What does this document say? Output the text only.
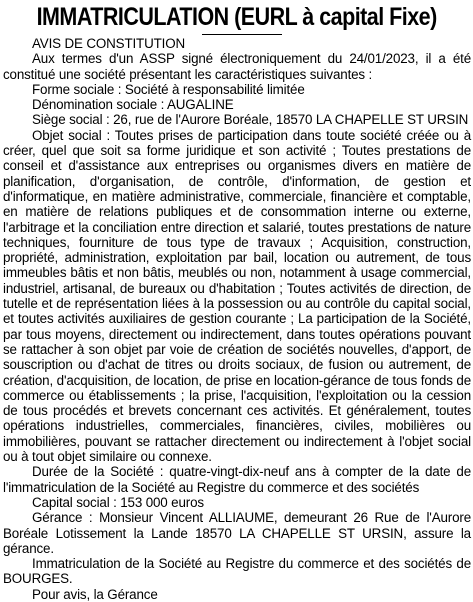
IMMATRICULATION (EURL à capital Fixe)

AVIS DE CONSTITUTION

Aux termes d'un ASSP signé électroniquement du 24/01/2023, il a été constitué une société présentant les caractéristiques suivantes :

Forme sociale : Société à responsabilité limitée

Dénomination sociale : AUGALINE

Siège social : 26, rue de l'Aurore Boréale, 18570 LA CHAPELLE ST URSIN

Objet social : Toutes prises de participation dans toute société créée ou à créer, quel que soit sa forme juridique et son activité ; Toutes prestations de conseil et d'assistance aux entreprises ou organismes divers en matière de planification, d'organisation, de contrôle, d'information, de gestion et d'informatique, en matière administrative, commerciale, financière et comptable, en matière de relations publiques et de consommation interne ou externe, l'arbitrage et la conciliation entre direction et salarié, toutes prestations de nature techniques, fourniture de tous type de travaux ; Acquisition, construction, propriété, administration, exploitation par bail, location ou autrement, de tous immeubles bâtis et non bâtis, meublés ou non, notamment à usage commercial, industriel, artisanal, de bureaux ou d'habitation ; Toutes activités de direction, de tutelle et de représentation liées à la possession ou au contrôle du capital social, et toutes activités auxiliaires de gestion courante ; La participation de la Société, par tous moyens, directement ou indirectement, dans toutes opérations pouvant se rattacher à son objet par voie de création de sociétés nouvelles, d'apport, de souscription ou d'achat de titres ou droits sociaux, de fusion ou autrement, de création, d'acquisition, de location, de prise en location-gérance de tous fonds de commerce ou établissements ; la prise, l'acquisition, l'exploitation ou la cession de tous procédés et brevets concernant ces activités. Et généralement, toutes opérations industrielles, commerciales, financières, civiles, mobilières ou immobilières, pouvant se rattacher directement ou indirectement à l'objet social ou à tout objet similaire ou connexe.

Durée de la Société : quatre-vingt-dix-neuf ans à compter de la date de l'immatriculation de la Société au Registre du commerce et des sociétés

Capital social : 153 000 euros

Gérance : Monsieur Vincent ALLIAUME, demeurant 26 Rue de l'Aurore Boréale Lotissement la Lande 18570 LA CHAPELLE ST URSIN, assure la gérance.

Immatriculation de la Société au Registre du commerce et des sociétés de BOURGES.

Pour avis, la Gérance
